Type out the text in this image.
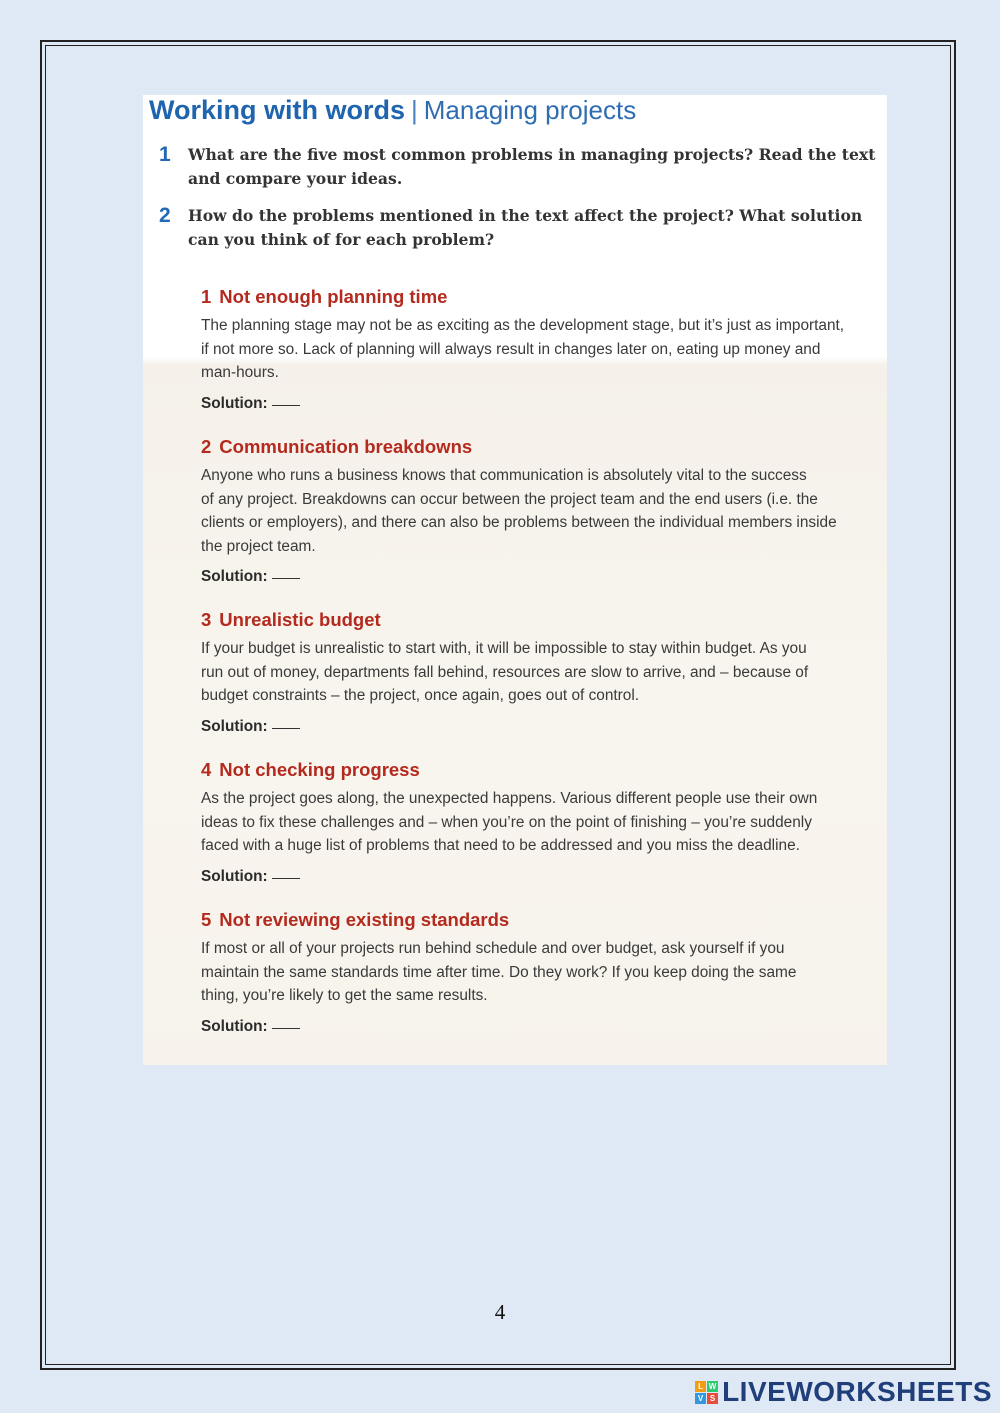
Working with words | Managing projects
1 What are the five most common problems in managing projects? Read the text and compare your ideas.
2 How do the problems mentioned in the text affect the project? What solution can you think of for each problem?
1 Not enough planning time
The planning stage may not be as exciting as the development stage, but it’s just as important,
if not more so. Lack of planning will always result in changes later on, eating up money and
man-hours.
Solution:
2 Communication breakdowns
Anyone who runs a business knows that communication is absolutely vital to the success
of any project. Breakdowns can occur between the project team and the end users (i.e. the
clients or employers), and there can also be problems between the individual members inside
the project team.
Solution:
3 Unrealistic budget
If your budget is unrealistic to start with, it will be impossible to stay within budget. As you
run out of money, departments fall behind, resources are slow to arrive, and – because of
budget constraints – the project, once again, goes out of control.
Solution:
4 Not checking progress
As the project goes along, the unexpected happens. Various different people use their own
ideas to fix these challenges and – when you’re on the point of finishing – you’re suddenly
faced with a huge list of problems that need to be addressed and you miss the deadline.
Solution:
5 Not reviewing existing standards
If most or all of your projects run behind schedule and over budget, ask yourself if you
maintain the same standards time after time. Do they work? If you keep doing the same
thing, you’re likely to get the same results.
Solution:
4
L W
V S LIVEWORKSHEETS
